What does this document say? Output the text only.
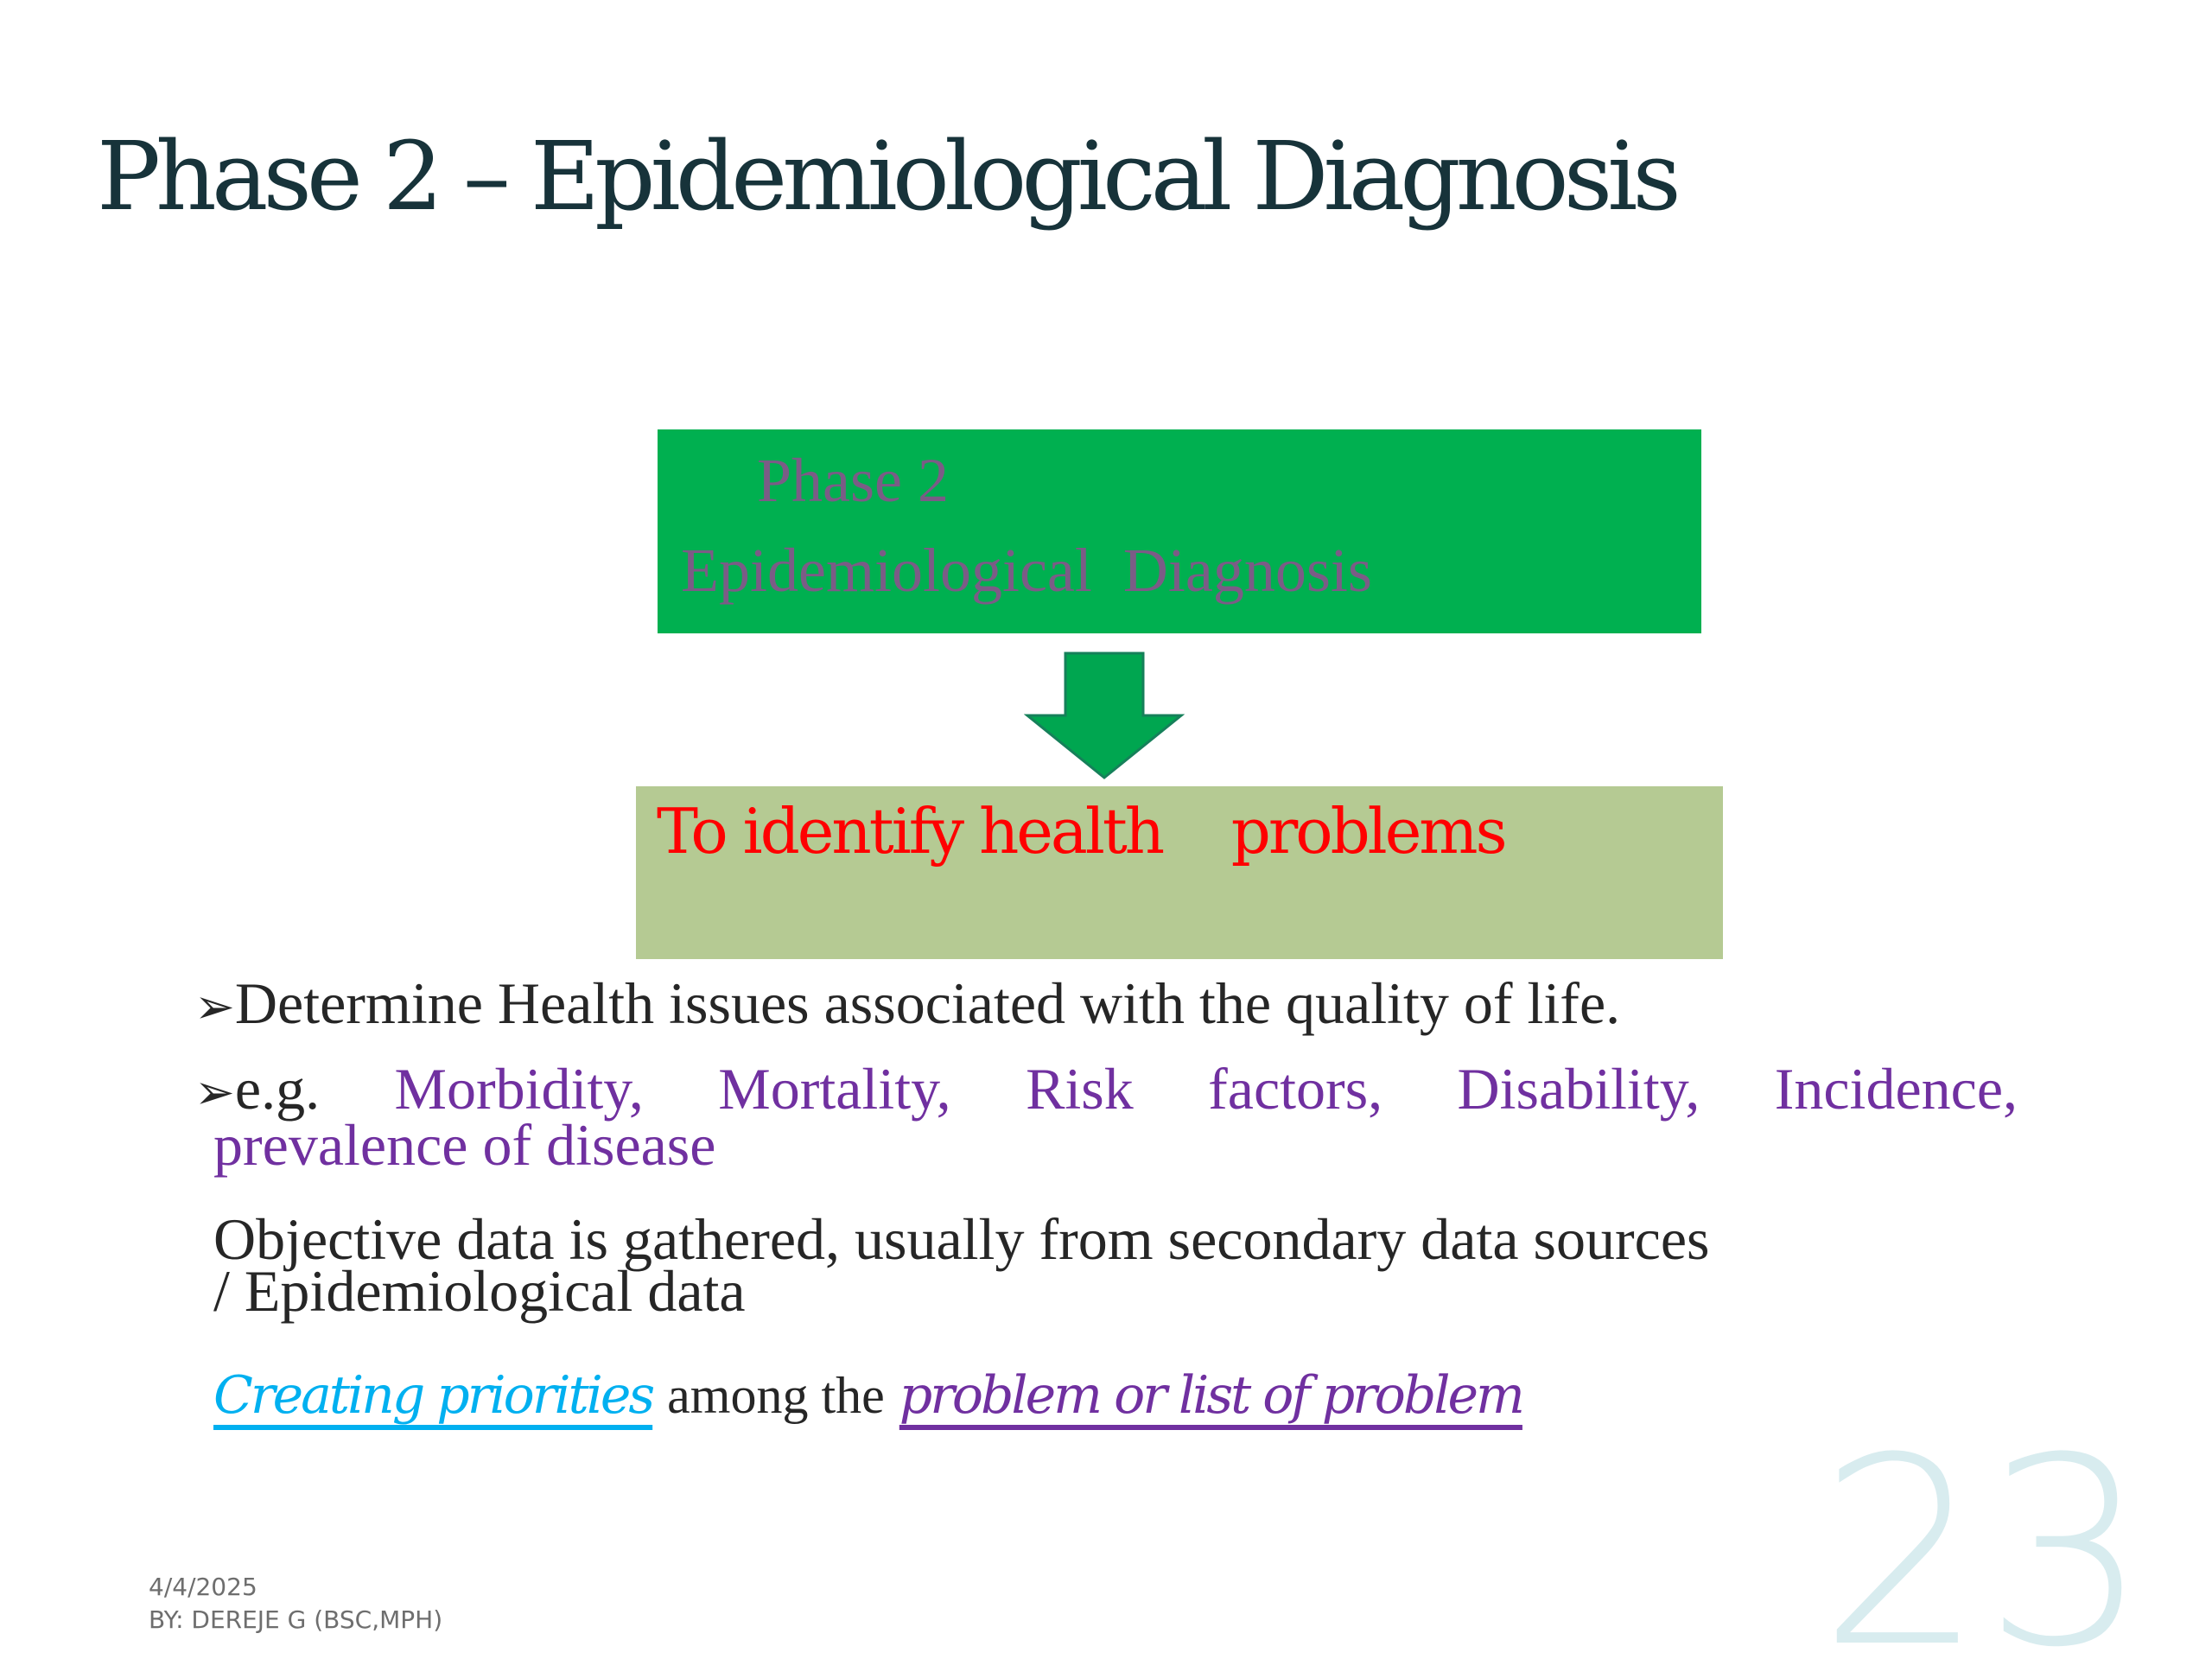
Phase 2 – Epidemiological Diagnosis
Phase 2
Epidemiological  Diagnosis
To identify health    problems
➢Determine Health issues associated with the quality of life.
➢e.g. Morbidity, Mortality, Risk factors, Disability, Incidence,
prevalence of disease
Objective data is gathered, usually from secondary data sources
/ Epidemiological data
Creating priorities among the problem or list of problem
4/4/2025
BY: DEREJE G (BSC,MPH)	23
